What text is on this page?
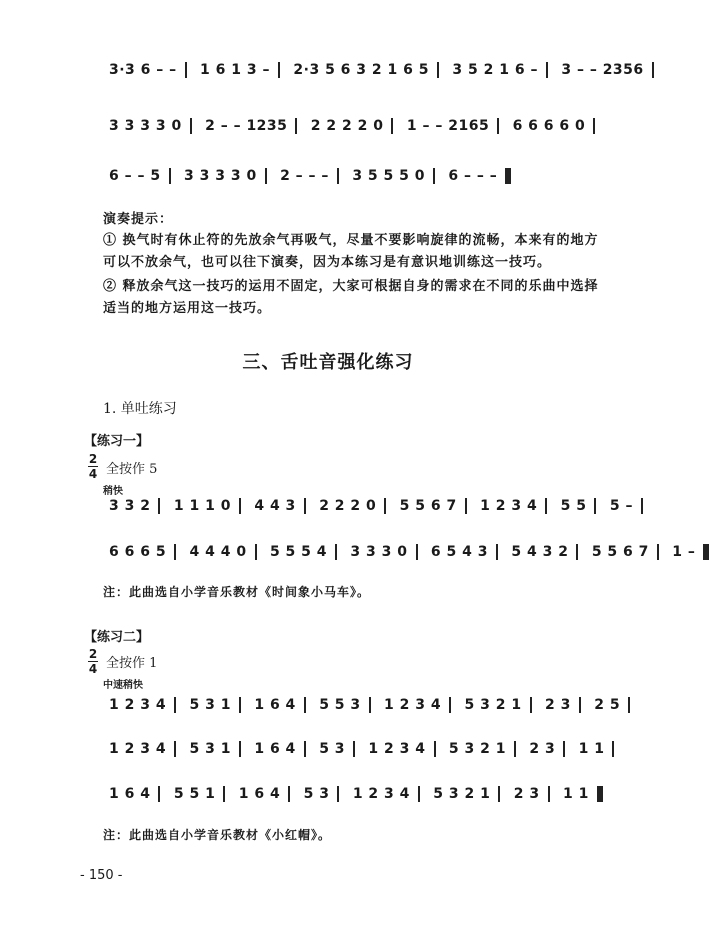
3·3 6 – – 1 6 1 3 – 2·3 5 6 3 2 1 6 5 3 5 2 1 6 – 3 – – 2356
3 3 3 3 0 2 – – 1235 2 2 2 2 0 1 – – 2165 6 6 6 6 0
6 – – 5 3 3 3 3 0 2 – – – 3 5 5 5 0 6 – – –
演奏提示：
① 换气时有休止符的先放余气再吸气，尽量不要影响旋律的流畅，本来有的地方可以不放余气，也可以往下演奏，因为本练习是有意识地训练这一技巧。
② 释放余气这一技巧的运用不固定，大家可根据自身的需求在不同的乐曲中选择适当的地方运用这一技巧。
三、舌吐音强化练习
1. 单吐练习
【练习一】
2
4 全按作 5
稍快
3 3 2 1 1 1 0 4 4 3 2 2 2 0 5 5 6 7 1 2 3 4 5 5 5 –
6 6 6 5 4 4 4 0 5 5 5 4 3 3 3 0 6 5 4 3 5 4 3 2 5 5 6 7 1 –
注：此曲选自小学音乐教材《时间象小马车》。
【练习二】
2
4 全按作 1
中速稍快
1 2 3 4 5 3 1 1 6 4 5 5 3 1 2 3 4 5 3 2 1 2 3 2 5
1 2 3 4 5 3 1 1 6 4 5 3 1 2 3 4 5 3 2 1 2 3 1 1
1 6 4 5 5 1 1 6 4 5 3 1 2 3 4 5 3 2 1 2 3 1 1
注：此曲选自小学音乐教材《小红帽》。
- 150 -
